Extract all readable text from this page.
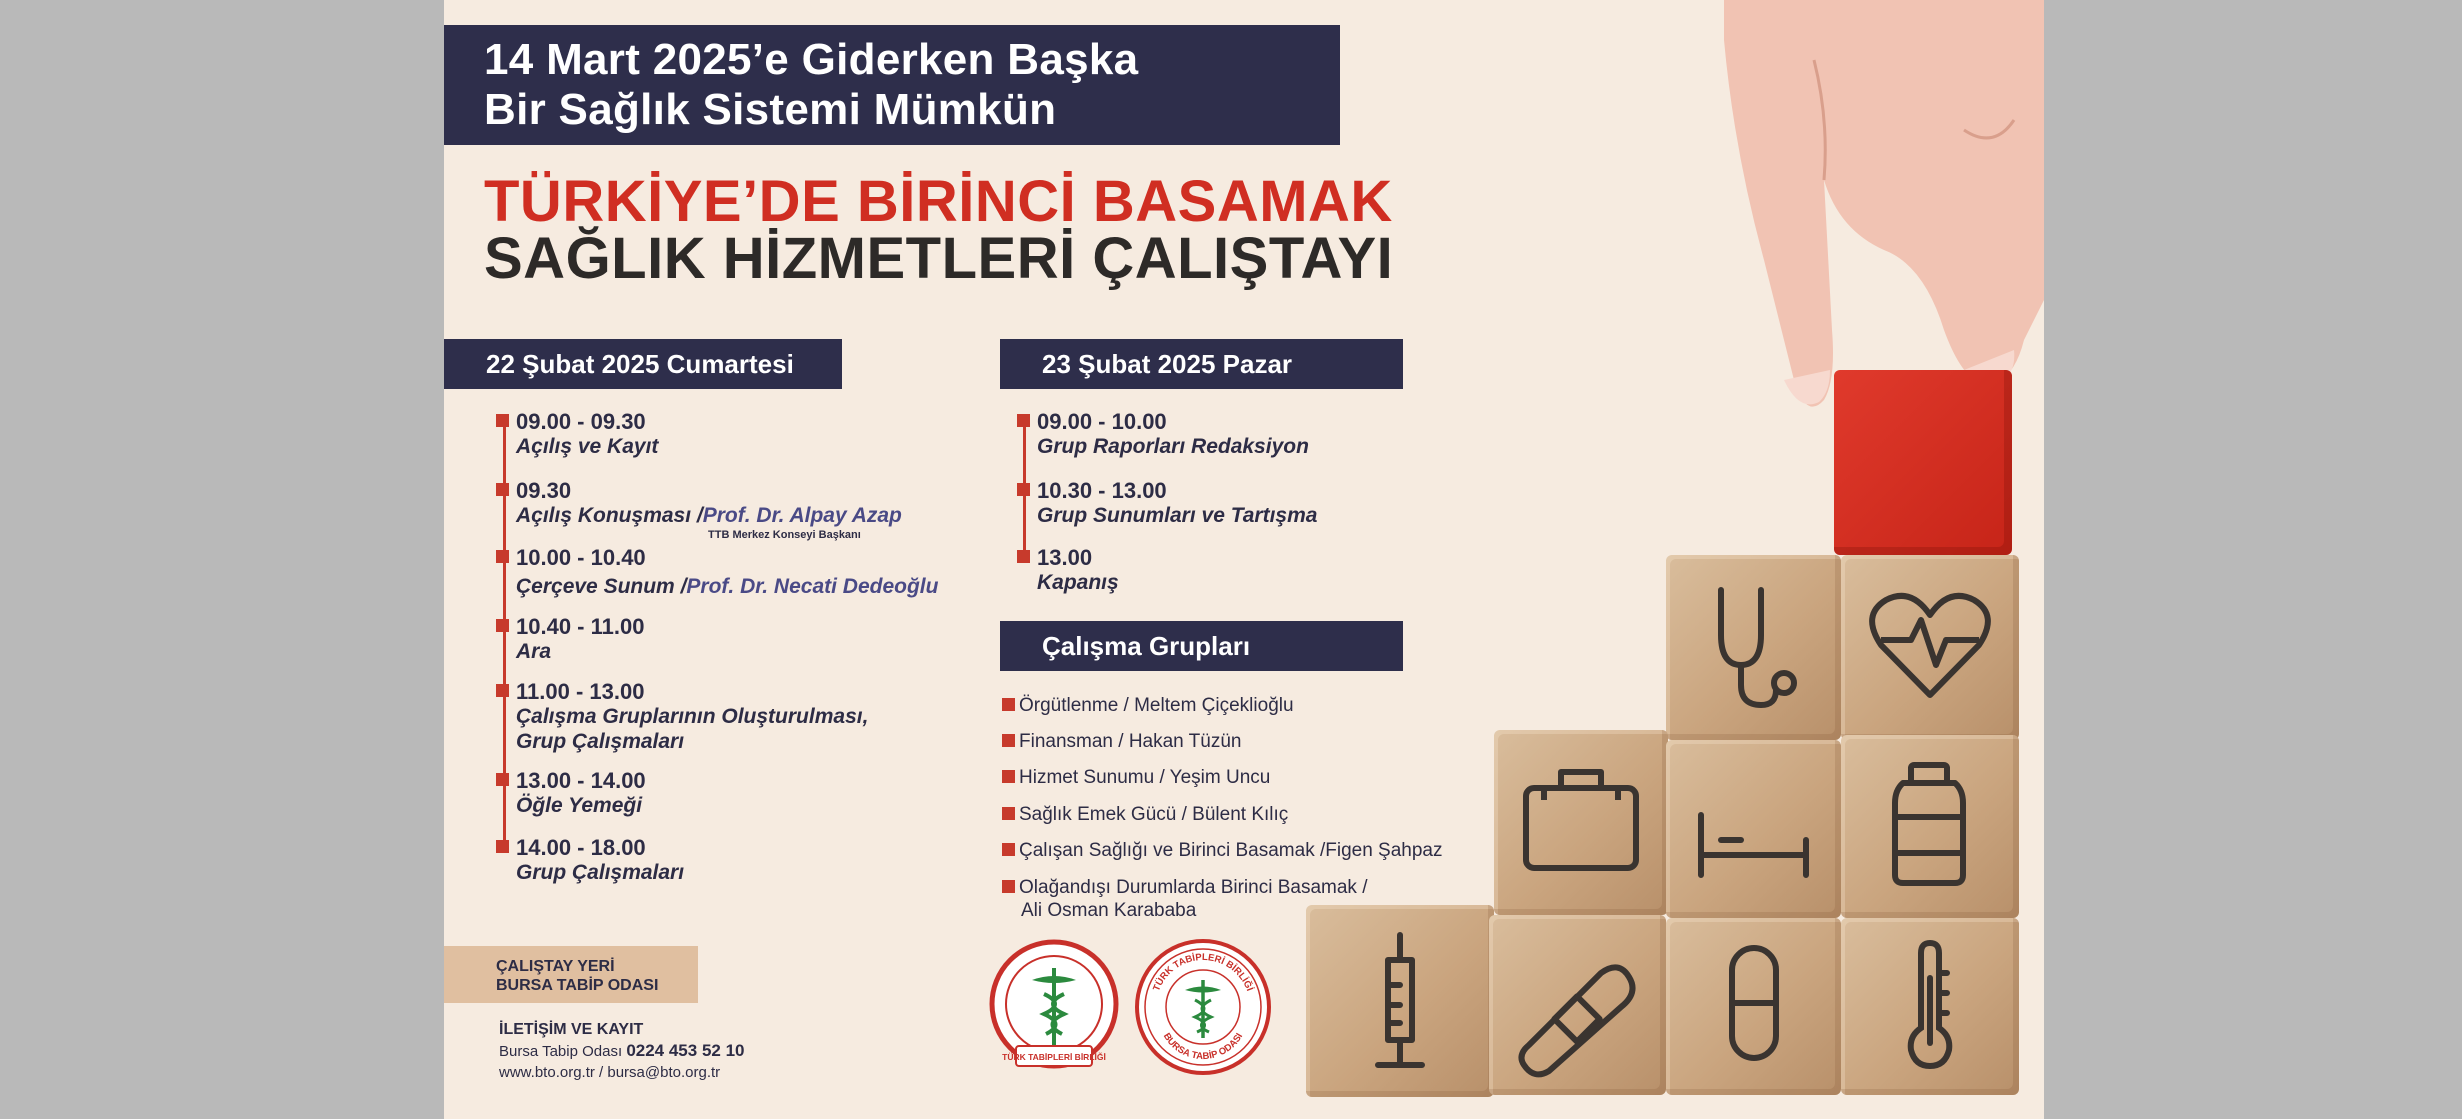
14 Mart 2025’e Giderken Başka
Bir Sağlık Sistemi Mümkün
TÜRKİYE’DE BİRİNCİ BASAMAK
SAĞLIK HİZMETLERİ ÇALIŞTAYI
22 Şubat 2025 Cumartesi
09.00 - 09.30
Açılış ve Kayıt
09.30
Açılış Konuşması /Prof. Dr. Alpay Azap
TTB Merkez Konseyi Başkanı
10.00 - 10.40
Çerçeve Sunum /Prof. Dr. Necati Dedeoğlu
10.40 - 11.00
Ara
11.00 - 13.00
Çalışma Gruplarının Oluşturulması,
Grup Çalışmaları
13.00 - 14.00
Öğle Yemeği
14.00 - 18.00
Grup Çalışmaları
23 Şubat 2025 Pazar
09.00 - 10.00
Grup Raporları Redaksiyon
10.30 - 13.00
Grup Sunumları ve Tartışma
13.00
Kapanış
Çalışma Grupları
Örgütlenme / Meltem Çiçeklioğlu
Finansman / Hakan Tüzün
Hizmet Sunumu / Yeşim Uncu
Sağlık Emek Gücü / Bülent Kılıç
Çalışan Sağlığı ve Birinci Basamak /Figen Şahpaz
Olağandışı Durumlarda Birinci Basamak /
Ali Osman Karababa
ÇALIŞTAY YERİ
BURSA TABİP ODASI
İLETİŞİM VE KAYIT
Bursa Tabip Odası 0224 453 52 10
www.bto.org.tr / bursa@bto.org.tr
TÜRK TABİPLERİ BİRLİĞİ
TÜRK TABİPLERİ BİRLİĞİ
BURSA TABİP ODASI
